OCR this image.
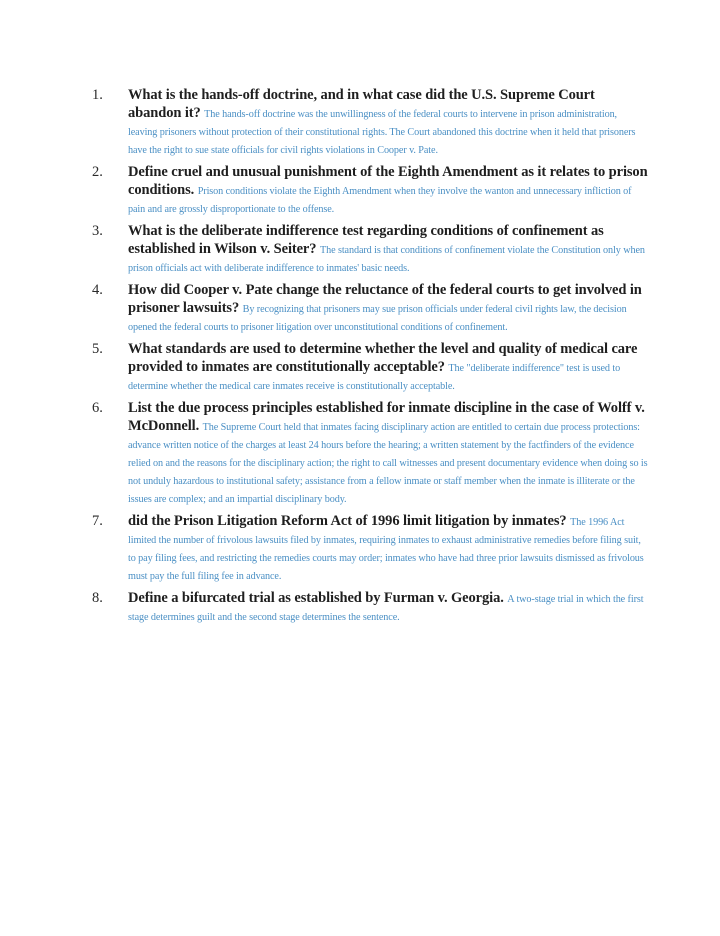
1.	What is the hands-off doctrine, and in what case did the U.S. Supreme Court abandon it? The hands-off doctrine was the unwillingness of the federal courts to intervene in prison administration, leaving prisoners without protection of their constitutional rights. The Court abandoned this doctrine when it held that prisoners have the right to sue state officials for civil rights violations in Cooper v. Pate.
2.	Define cruel and unusual punishment of the Eighth Amendment as it relates to prison conditions. Prison conditions violate the Eighth Amendment when they involve the wanton and unnecessary infliction of pain and are grossly disproportionate to the offense.
3.	What is the deliberate indifference test regarding conditions of confinement as established in Wilson v. Seiter? The standard is that conditions of confinement violate the Constitution only when prison officials act with deliberate indifference to inmates' basic needs.
4.	How did Cooper v. Pate change the reluctance of the federal courts to get involved in prisoner lawsuits? By recognizing that prisoners may sue prison officials under federal civil rights law, the decision opened the federal courts to prisoner litigation over unconstitutional conditions of confinement.
5.	What standards are used to determine whether the level and quality of medical care provided to inmates are constitutionally acceptable? The "deliberate indifference" test is used to determine whether the medical care inmates receive is constitutionally acceptable.
6.	List the due process principles established for inmate discipline in the case of Wolff v. McDonnell. The Supreme Court held that inmates facing disciplinary action are entitled to certain due process protections: advance written notice of the charges at least 24 hours before the hearing; a written statement by the factfinders of the evidence relied on and the reasons for the disciplinary action; the right to call witnesses and present documentary evidence when doing so is not unduly hazardous to institutional safety; assistance from a fellow inmate or staff member when the inmate is illiterate or the issues are complex; and an impartial disciplinary body.
7.	did the Prison Litigation Reform Act of 1996 limit litigation by inmates? The 1996 Act limited the number of frivolous lawsuits filed by inmates, requiring inmates to exhaust administrative remedies before filing suit, to pay filing fees, and restricting the remedies courts may order; inmates who have had three prior lawsuits dismissed as frivolous must pay the full filing fee in advance.
8.	Define a bifurcated trial as established by Furman v. Georgia. A two-stage trial in which the first stage determines guilt and the second stage determines the sentence.
